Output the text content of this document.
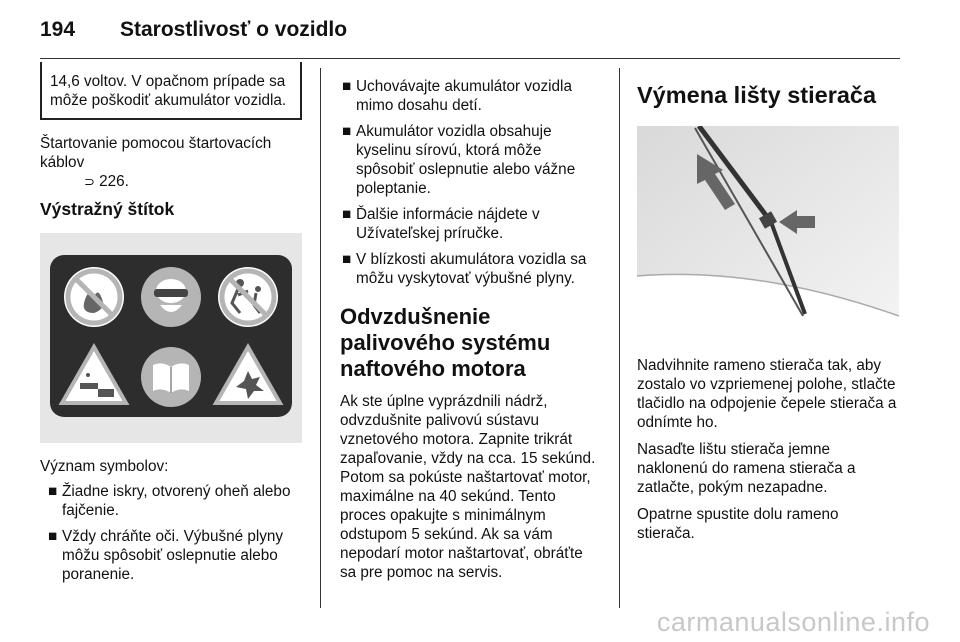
194 Starostlivosť o vozidlo
14,6 voltov. V opačnom prípade sa môže poškodiť akumulátor vozidla.

Štartovanie pomocou štartovacích káblov
⊃ 226.

Výstražný štítok

Význam symbolov:

■ Žiadne iskry, otvorený oheň alebo fajčenie.
■ Vždy chráňte oči. Výbušné plyny môžu spôsobiť oslepnutie alebo poranenie.
■ Uchovávajte akumulátor vozidla mimo dosahu detí.
■ Akumulátor vozidla obsahuje kyselinu sírovú, ktorá môže spôsobiť oslepnutie alebo vážne poleptanie.
■ Ďalšie informácie nájdete v Užívateľskej príručke.
■ V blízkosti akumulátora vozidla sa môžu vyskytovať výbušné plyny.
Odvzdušnenie palivového systému naftového motora

Ak ste úplne vyprázdnili nádrž, odvzdušnite palivovú sústavu vznetového motora. Zapnite trikrát zapaľovanie, vždy na cca. 15 sekúnd. Potom sa pokúste naštartovať motor, maximálne na 40 sekúnd. Tento proces opakujte s minimálnym odstupom 5 sekúnd. Ak sa vám nepodarí motor naštartovať, obráťte sa pre pomoc na servis.

Výmena lišty stierača

Nadvihnite rameno stierača tak, aby zostalo vo vzpriemenej polohe, stlačte tlačidlo na odpojenie čepele stierača a odnímte ho.

Nasaďte lištu stierača jemne naklonenú do ramena stierača a zatlačte, pokým nezapadne.

Opatrne spustite dolu rameno stierača.

carmanualsonline.info
